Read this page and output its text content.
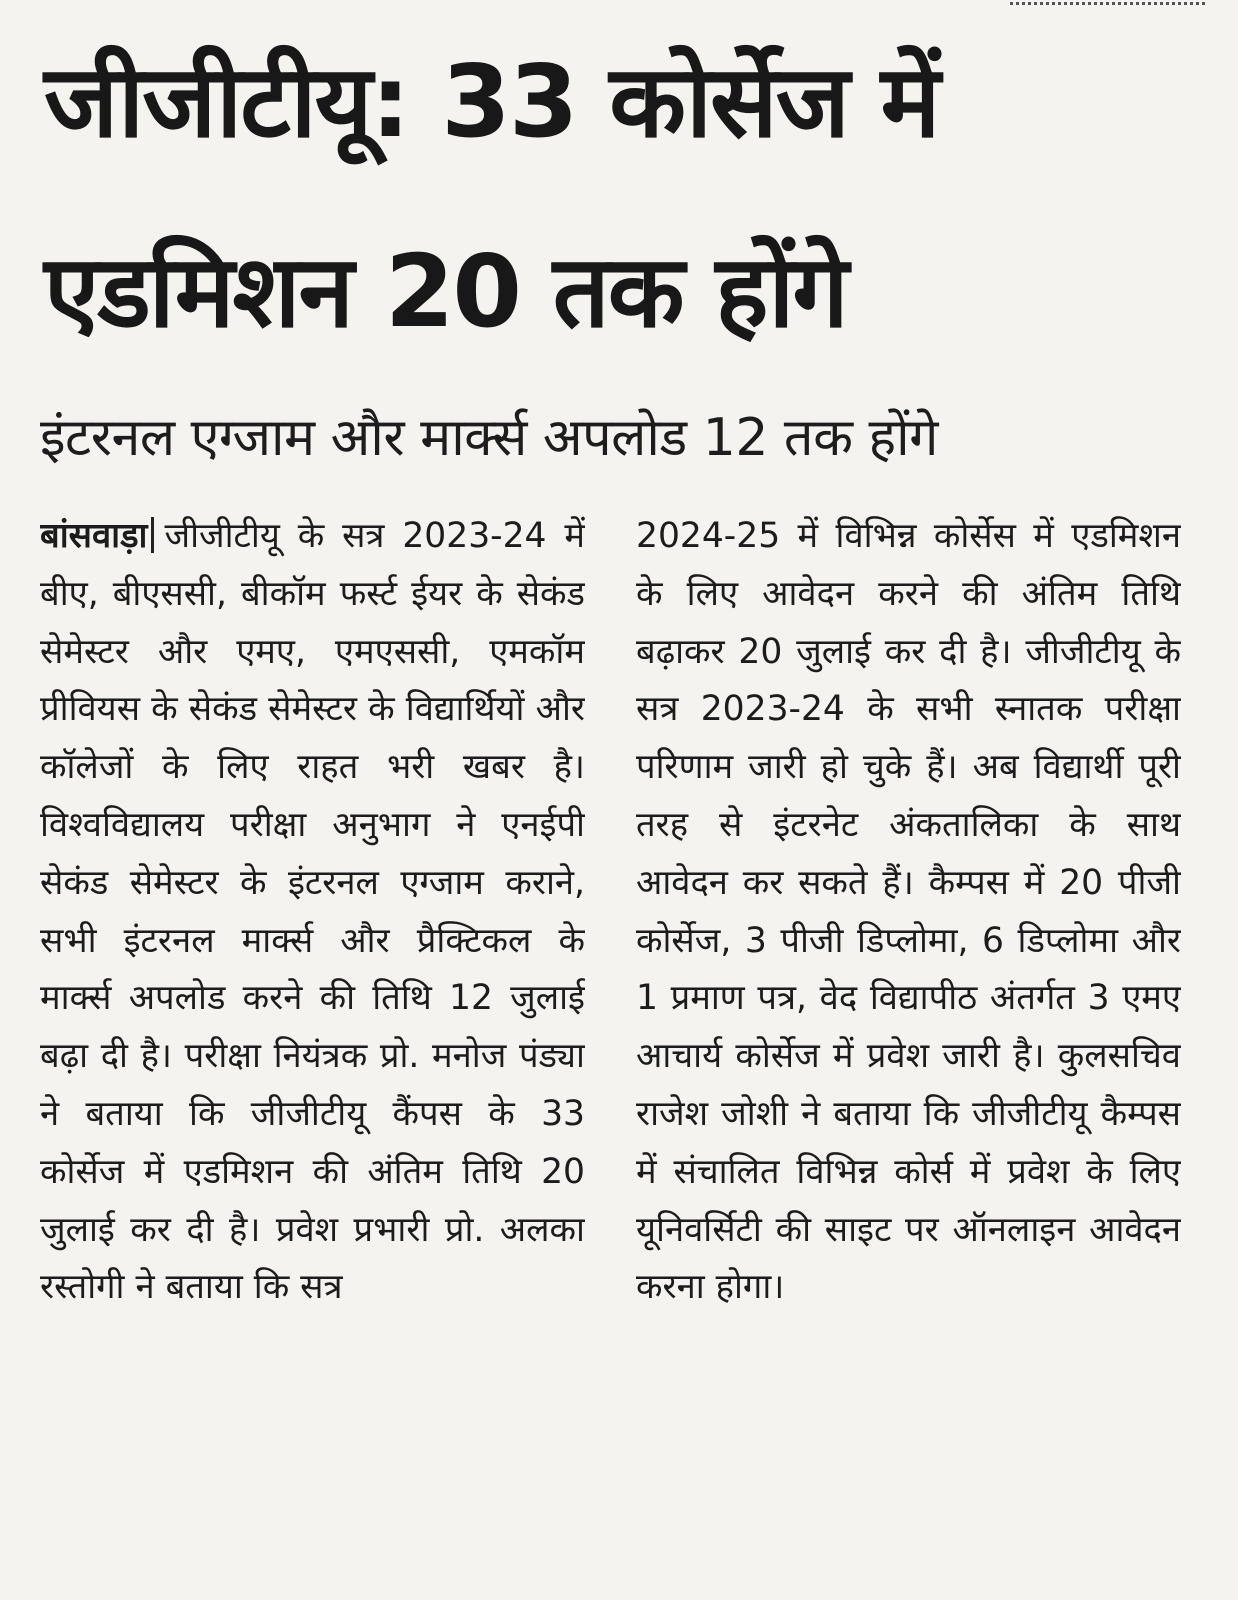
जीजीटीयू: 33 कोर्सेज में
एडमिशन 20 तक होंगे
इंटरनल एग्जाम और मार्क्स अपलोड 12 तक होंगे
बांसवाड़ा जीजीटीयू के सत्र 2023-24 में बीए, बीएससी, बीकॉम फर्स्ट ईयर के सेकंड सेमेस्टर और एमए, एमएससी, एमकॉम प्रीवियस के सेकंड सेमेस्टर के विद्यार्थियों और कॉलेजों के लिए राहत भरी खबर है। विश्वविद्यालय परीक्षा अनुभाग ने एनईपी सेकंड सेमेस्टर के इंटरनल एग्जाम कराने, सभी इंटरनल मार्क्स और प्रैक्टिकल के मार्क्स अपलोड करने की तिथि 12 जुलाई बढ़ा दी है। परीक्षा नियंत्रक प्रो. मनोज पंड्या ने बताया कि जीजीटीयू कैंपस के 33 कोर्सेज में एडमिशन की अंतिम तिथि 20 जुलाई कर दी है। प्रवेश प्रभारी प्रो. अलका रस्तोगी ने बताया कि सत्र
2024-25 में विभिन्न कोर्सेस में एडमिशन के लिए आवेदन करने की अंतिम तिथि बढ़ाकर 20 जुलाई कर दी है। जीजीटीयू के सत्र 2023-24 के सभी स्नातक परीक्षा परिणाम जारी हो चुके हैं। अब विद्यार्थी पूरी तरह से इंटरनेट अंकतालिका के साथ आवेदन कर सकते हैं। कैम्पस में 20 पीजी कोर्सेज, 3 पीजी डिप्लोमा, 6 डिप्लोमा और 1 प्रमाण पत्र, वेद विद्यापीठ अंतर्गत 3 एमए आचार्य कोर्सेज में प्रवेश जारी है। कुलसचिव राजेश जोशी ने बताया कि जीजीटीयू कैम्पस में संचालित विभिन्न कोर्स में प्रवेश के लिए यूनिवर्सिटी की साइट पर ऑनलाइन आवेदन करना होगा।
